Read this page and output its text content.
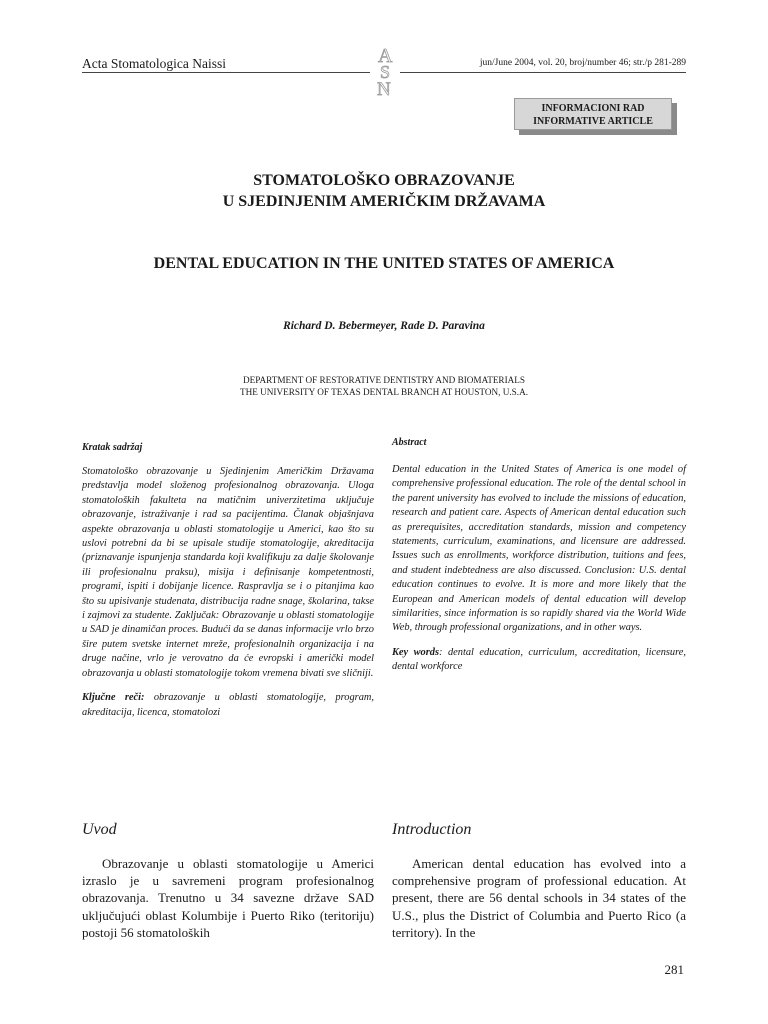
Acta Stomatologica Naissi	A
S
N
jun/June 2004, vol. 20, broj/number 46; str./p 281-289
INFORMACIONI RAD
INFORMATIVE ARTICLE
STOMATOLOŠKO OBRAZOVANJE
U SJEDINJENIM AMERIČKIM DRŽAVAMA
DENTAL EDUCATION IN THE UNITED STATES OF AMERICA
Richard D. Bebermeyer, Rade D. Paravina
DEPARTMENT OF RESTORATIVE DENTISTRY AND BIOMATERIALS
THE UNIVERSITY OF TEXAS DENTAL BRANCH AT HOUSTON, U.S.A.
Kratak sadržaj
Stomatološko obrazovanje u Sjedinjenim Američkim Državama predstavlja model složenog profesionalnog obrazovanja. Uloga stomatoloških fakulteta na matičnim univerzitetima uključuje obrazovanje, istraživanje i rad sa pacijentima. Članak objašnjava aspekte obrazovanja u oblasti stomatologije u Americi, kao što su uslovi potrebni da bi se upisale studije stomatologije, akreditacija (priznavanje ispunjenja standarda koji kvalifikuju za dalje školovanje ili profesionalnu praksu), misija i definisanje kompetentnosti, programi, ispiti i dobijanje licence. Raspravlja se i o pitanjima kao što su upisivanje studenata, distribucija radne snage, školarina, takse i zajmovi za studente. Zaključak: Obrazovanje u oblasti stomatologije u SAD je dinamičan proces. Budući da se danas informacije vrlo brzo šire putem svetske internet mreže, profesionalnih organizacija i na druge načine, vrlo je verovatno da će evropski i američki model obrazovanja u oblasti stomatologije tokom vremena bivati sve sličniji.
Ključne reči: obrazovanje u oblasti stomatologije, program, akreditacija, licenca, stomatolozi
Abstract
Dental education in the United States of America is one model of comprehensive professional education. The role of the dental school in the parent university has evolved to include the missions of education, research and patient care. Aspects of American dental education such as prerequisites, accreditation standards, mission and competency statements, curriculum, examinations, and licensure are addressed. Issues such as enrollments, workforce distribution, tuitions and fees, and student indebtedness are also discussed. Conclusion: U.S. dental education continues to evolve. It is more and more likely that the European and American models of dental education will develop similarities, since information is so rapidly shared via the World Wide Web, through professional organizations, and in other ways.
Key words: dental education, curriculum, accreditation, licensure, dental workforce
Uvod
Obrazovanje u oblasti stomatologije u Americi izraslo je u savremeni program profesionalnog obrazovanja. Trenutno u 34 savezne države SAD uključujući oblast Kolumbije i Puerto Riko (teritoriju) postoji 56 stomatoloških
Introduction
American dental education has evolved into a comprehensive program of professional education. At present, there are 56 dental schools in 34 states of the U.S., plus the District of Columbia and Puerto Rico (a territory). In the
281
